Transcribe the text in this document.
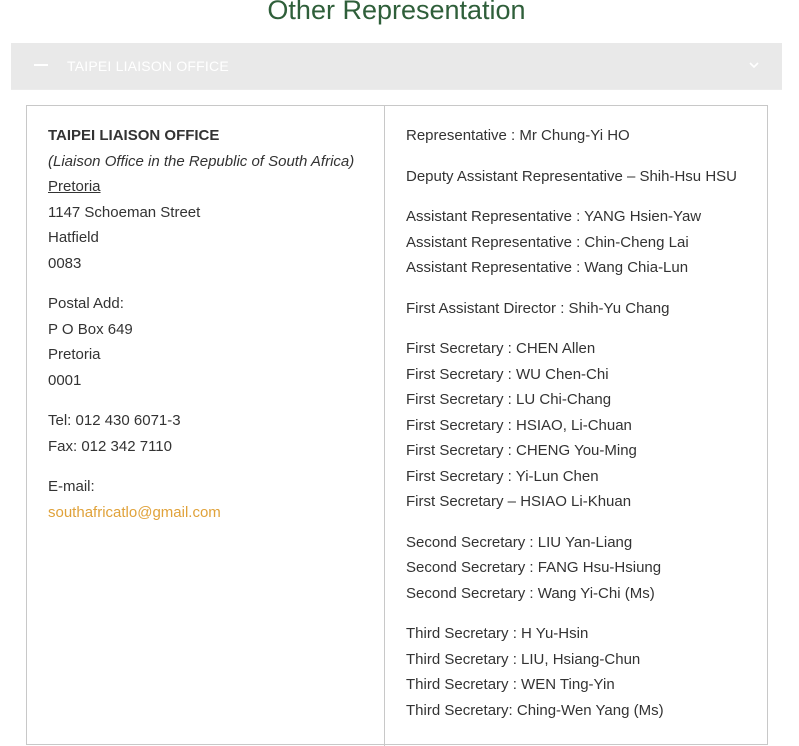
Other Representation
TAIPEI LIAISON OFFICE
TAIPEI LIAISON OFFICE
(Liaison Office in the Republic of South Africa)
Pretoria
1147 Schoeman Street
Hatfield
0083
Postal Add:
P O Box 649
Pretoria
0001
Tel: 012 430 6071-3
Fax: 012 342 7110
E-mail:
southafricatlo@gmail.com
Representative : Mr Chung-Yi HO
Deputy Assistant Representative – Shih-Hsu HSU
Assistant Representative : YANG Hsien-Yaw
Assistant Representative : Chin-Cheng Lai
Assistant Representative : Wang Chia-Lun
First Assistant Director : Shih-Yu Chang
First Secretary : CHEN Allen
First Secretary : WU Chen-Chi
First Secretary : LU Chi-Chang
First Secretary : HSIAO, Li-Chuan
First Secretary : CHENG You-Ming
First Secretary : Yi-Lun Chen
First Secretary – HSIAO Li-Khuan
Second Secretary : LIU Yan-Liang
Second Secretary : FANG Hsu-Hsiung
Second Secretary : Wang Yi-Chi (Ms)
Third Secretary : H Yu-Hsin
Third Secretary : LIU, Hsiang-Chun
Third Secretary : WEN Ting-Yin
Third Secretary: Ching-Wen Yang (Ms)
